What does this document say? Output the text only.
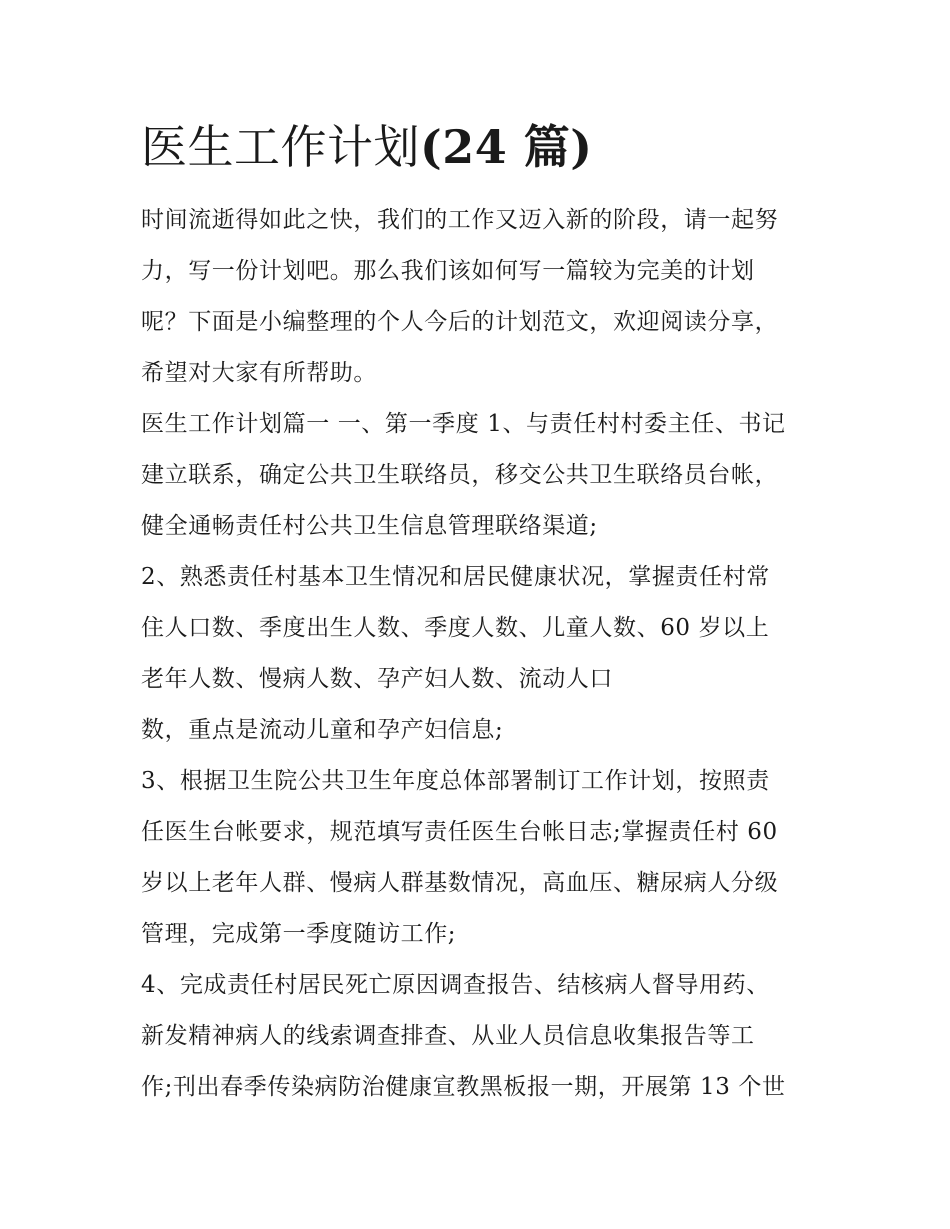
医生工作计划(24 篇)
时间流逝得如此之快，我们的工作又迈入新的阶段，请一起努
力，写一份计划吧。那么我们该如何写一篇较为完美的计划
呢？下面是小编整理的个人今后的计划范文，欢迎阅读分享，
希望对大家有所帮助。
医生工作计划篇一 一、第一季度 1、与责任村村委主任、书记
建立联系，确定公共卫生联络员，移交公共卫生联络员台帐，
健全通畅责任村公共卫生信息管理联络渠道;
2、熟悉责任村基本卫生情况和居民健康状况，掌握责任村常
住人口数、季度出生人数、季度人数、儿童人数、60 岁以上
老年人数、慢病人数、孕产妇人数、流动人口
数，重点是流动儿童和孕产妇信息;
3、根据卫生院公共卫生年度总体部署制订工作计划，按照责
任医生台帐要求，规范填写责任医生台帐日志;掌握责任村 60
岁以上老年人群、慢病人群基数情况，高血压、糖尿病人分级
管理，完成第一季度随访工作;
4、完成责任村居民死亡原因调查报告、结核病人督导用药、
新发精神病人的线索调查排查、从业人员信息收集报告等工
作;刊出春季传染病防治健康宣教黑板报一期，开展第 13 个世
